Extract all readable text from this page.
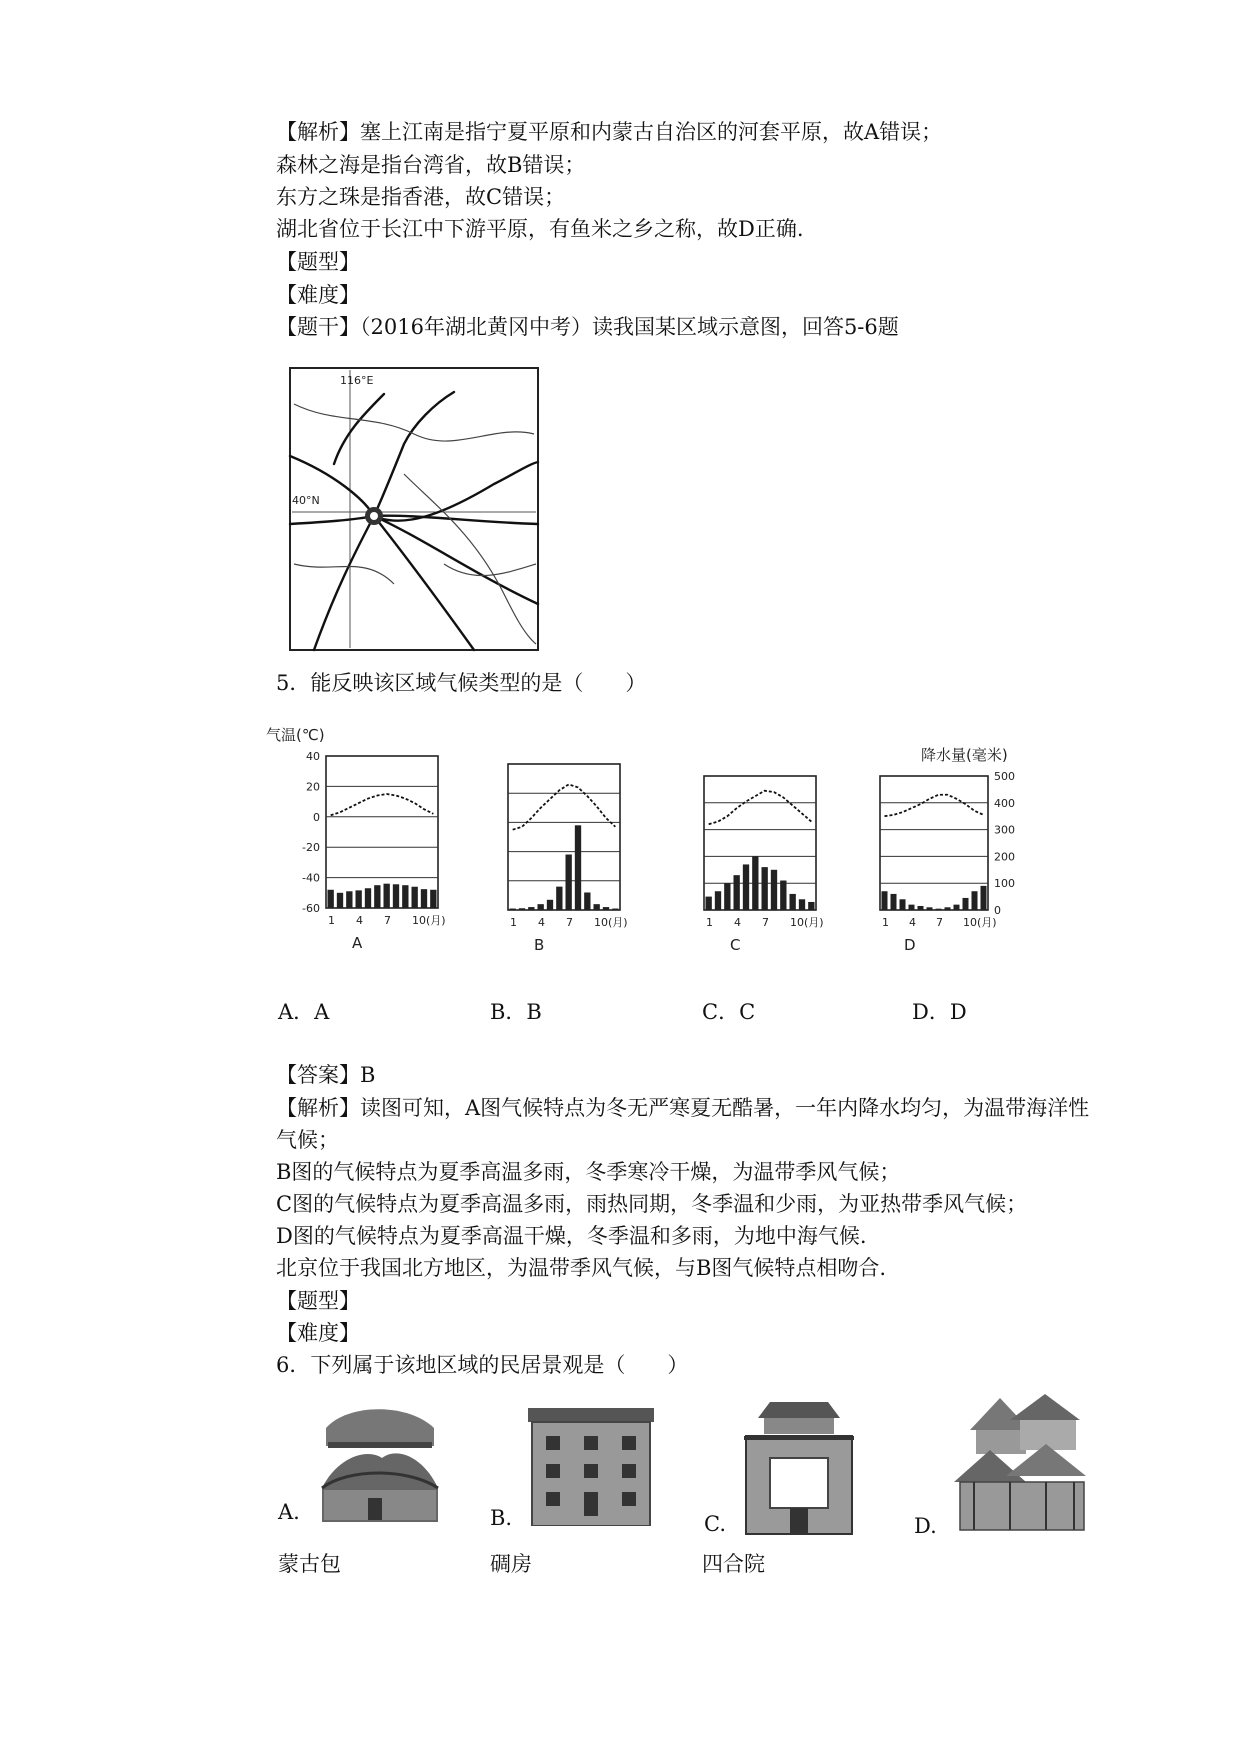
【解析】塞上江南是指宁夏平原和内蒙古自治区的河套平原，故A错误；
森林之海是指台湾省，故B错误；
东方之珠是指香港，故C错误；
湖北省位于长江中下游平原，有鱼米之乡之称，故D正确.
【题型】
【难度】
【题干】（2016年湖北黄冈中考）读我国某区域示意图，回答5-6题
116°E
40°N
5．能反映该区域气候类型的是（　　）
气温(℃)
降水量(毫米)
1 4 7 10(月)
A
40
20
0
-20
-40
-60
1 4 7 10(月)
B
1 4 7 10(月)
C
1 4 7 10(月)
D
500
400
300
200
100
0
A．A	B．B	C．C	D．D
【答案】B
【解析】读图可知，A图气候特点为冬无严寒夏无酷暑，一年内降水均匀，为温带海洋性
气候；
B图的气候特点为夏季高温多雨，冬季寒冷干燥，为温带季风气候；
C图的气候特点为夏季高温多雨，雨热同期，冬季温和少雨，为亚热带季风气候；
D图的气候特点为夏季高温干燥，冬季温和多雨，为地中海气候.
北京位于我国北方地区，为温带季风气候，与B图气候特点相吻合.
【题型】
【难度】
6．下列属于该地区域的民居景观是（　　）
A.	B.	C.	D.
蒙古包	碉房	四合院
